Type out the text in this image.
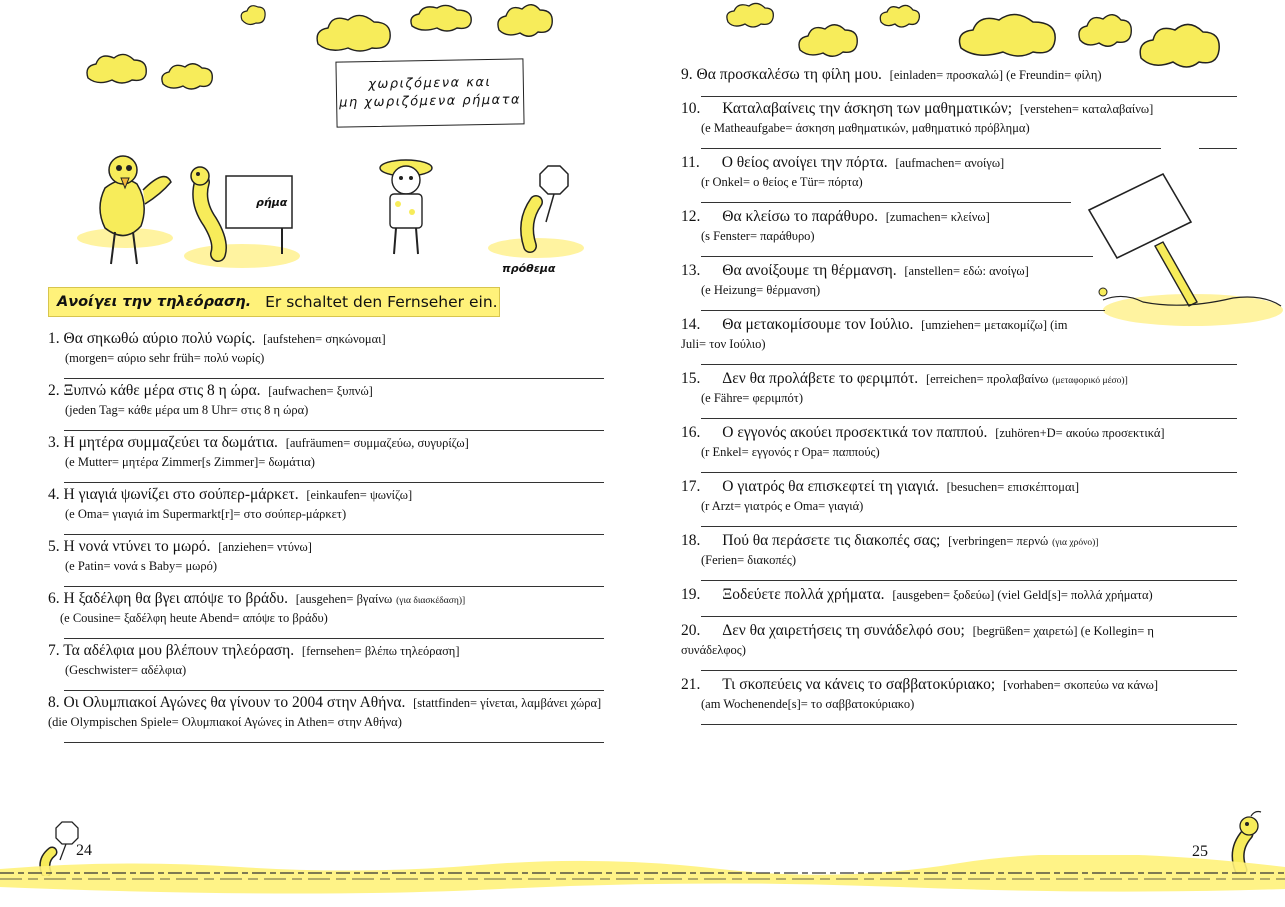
χωριζόμενα και
μη χωριζόμενα ρήματα
ρήμα
πρόθεμα
Ανοίγει την τηλεόραση. Er schaltet den Fernseher ein.
1. Θα σηκωθώ αύριο πολύ νωρίς. [aufstehen= σηκώνομαι]
(morgen= αύριο sehr früh= πολύ νωρίς)
2. Ξυπνώ κάθε μέρα στις 8 η ώρα. [aufwachen= ξυπνώ]
(jeden Tag= κάθε μέρα um 8 Uhr= στις 8 η ώρα)
3. Η μητέρα συμμαζεύει τα δωμάτια. [aufräumen= συμμαζεύω, συγυρίζω]
(e Mutter= μητέρα Zimmer[s Zimmer]= δωμάτια)
4. Η γιαγιά ψωνίζει στο σούπερ-μάρκετ. [einkaufen= ψωνίζω]
(e Oma= γιαγιά im Supermarkt[r]= στο σούπερ-μάρκετ)
5. Η νονά ντύνει το μωρό. [anziehen= ντύνω]
(e Patin= νονά s Baby= μωρό)
6. Η ξαδέλφη θα βγει απόψε το βράδυ. [ausgehen= βγαίνω (για διασκέδαση)]
(e Cousine= ξαδέλφη heute Abend= απόψε το βράδυ)
7. Τα αδέλφια μου βλέπουν τηλεόραση. [fernsehen= βλέπω τηλεόραση]
(Geschwister= αδέλφια)
8. Οι Ολυμπιακοί Αγώνες θα γίνουν το 2004 στην Αθήνα. [stattfinden= γίνεται, λαμβάνει χώρα]
(die Olympischen Spiele= Ολυμπιακοί Αγώνες in Athen= στην Αθήνα)
24
9. Θα προσκαλέσω τη φίλη μου. [einladen= προσκαλώ] (e Freundin= φίλη)
10. Καταλαβαίνεις την άσκηση των μαθηματικών; [verstehen= καταλαβαίνω]
(e Matheaufgabe= άσκηση μαθηματικών, μαθηματικό πρόβλημα)
11. Ο θείος ανοίγει την πόρτα. [aufmachen= ανοίγω]
(r Onkel= ο θείος e Tür= πόρτα)
12. Θα κλείσω το παράθυρο. [zumachen= κλείνω]
(s Fenster= παράθυρο)
13. Θα ανοίξουμε τη θέρμανση. [anstellen= εδώ: ανοίγω]
(e Heizung= θέρμανση)
14. Θα μετακομίσουμε τον Ιούλιο. [umziehen= μετακομίζω] (im
Juli= τον Ιούλιο)
15. Δεν θα προλάβετε το φεριμπότ. [erreichen= προλαβαίνω (μεταφορικό μέσο)]
(e Fähre= φεριμπότ)
16. Ο εγγονός ακούει προσεκτικά τον παππού. [zuhören+D= ακούω προσεκτικά]
(r Enkel= εγγονός r Opa= παππούς)
17. Ο γιατρός θα επισκεφτεί τη γιαγιά. [besuchen= επισκέπτομαι]
(r Arzt= γιατρός e Oma= γιαγιά)
18. Πού θα περάσετε τις διακοπές σας; [verbringen= περνώ (για χρόνο)]
(Ferien= διακοπές)
19. Ξοδεύετε πολλά χρήματα. [ausgeben= ξοδεύω] (viel Geld[s]= πολλά χρήματα)
20. Δεν θα χαιρετήσεις τη συνάδελφό σου; [begrüßen= χαιρετώ] (e Kollegin= η
συνάδελφος)
21. Τι σκοπεύεις να κάνεις το σαββατοκύριακο; [vorhaben= σκοπεύω να κάνω]
(am Wochenende[s]= το σαββατοκύριακο)
25
